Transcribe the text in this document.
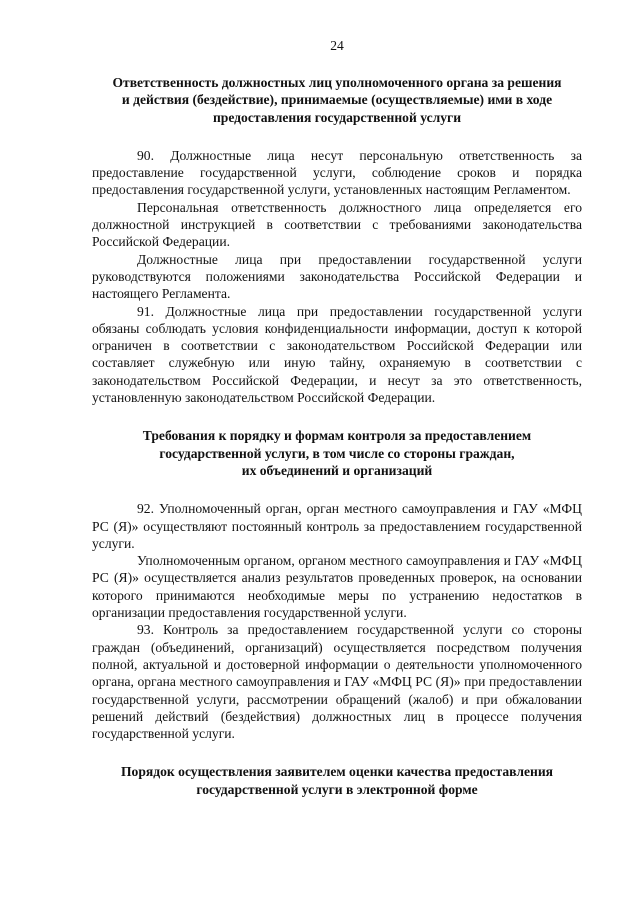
24
Ответственность должностных лиц уполномоченного органа за решения
и действия (бездействие), принимаемые (осуществляемые) ими в ходе
предоставления государственной услуги

90. Должностные лица несут персональную ответственность за предоставление государственной услуги, соблюдение сроков и порядка предоставления государственной услуги, установленных настоящим Регламентом.

Персональная ответственность должностного лица определяется его должностной инструкцией в соответствии с требованиями законодательства Российской Федерации.

Должностные лица при предоставлении государственной услуги руководствуются положениями законодательства Российской Федерации и настоящего Регламента.

91. Должностные лица при предоставлении государственной услуги обязаны соблюдать условия конфиденциальности информации, доступ к которой ограничен в соответствии с законодательством Российской Федерации или составляет служебную или иную тайну, охраняемую в соответствии с законодательством Российской Федерации, и несут за это ответственность, установленную законодательством Российской Федерации.

Требования к порядку и формам контроля за предоставлением
государственной услуги, в том числе со стороны граждан,
их объединений и организаций

92. Уполномоченный орган, орган местного самоуправления и ГАУ «МФЦ РС (Я)» осуществляют постоянный контроль за предоставлением государственной услуги.

Уполномоченным органом, органом местного самоуправления и ГАУ «МФЦ РС (Я)» осуществляется анализ результатов проведенных проверок, на основании которого принимаются необходимые меры по устранению недостатков в организации предоставления государственной услуги.

93. Контроль за предоставлением государственной услуги со стороны граждан (объединений, организаций) осуществляется посредством получения полной, актуальной и достоверной информации о деятельности уполномоченного органа, органа местного самоуправления и ГАУ «МФЦ РС (Я)» при предоставлении государственной услуги, рассмотрении обращений (жалоб) и при обжаловании решений действий (бездействия) должностных лиц в процессе получения государственной услуги.

Порядок осуществления заявителем оценки качества предоставления
государственной услуги в электронной форме
